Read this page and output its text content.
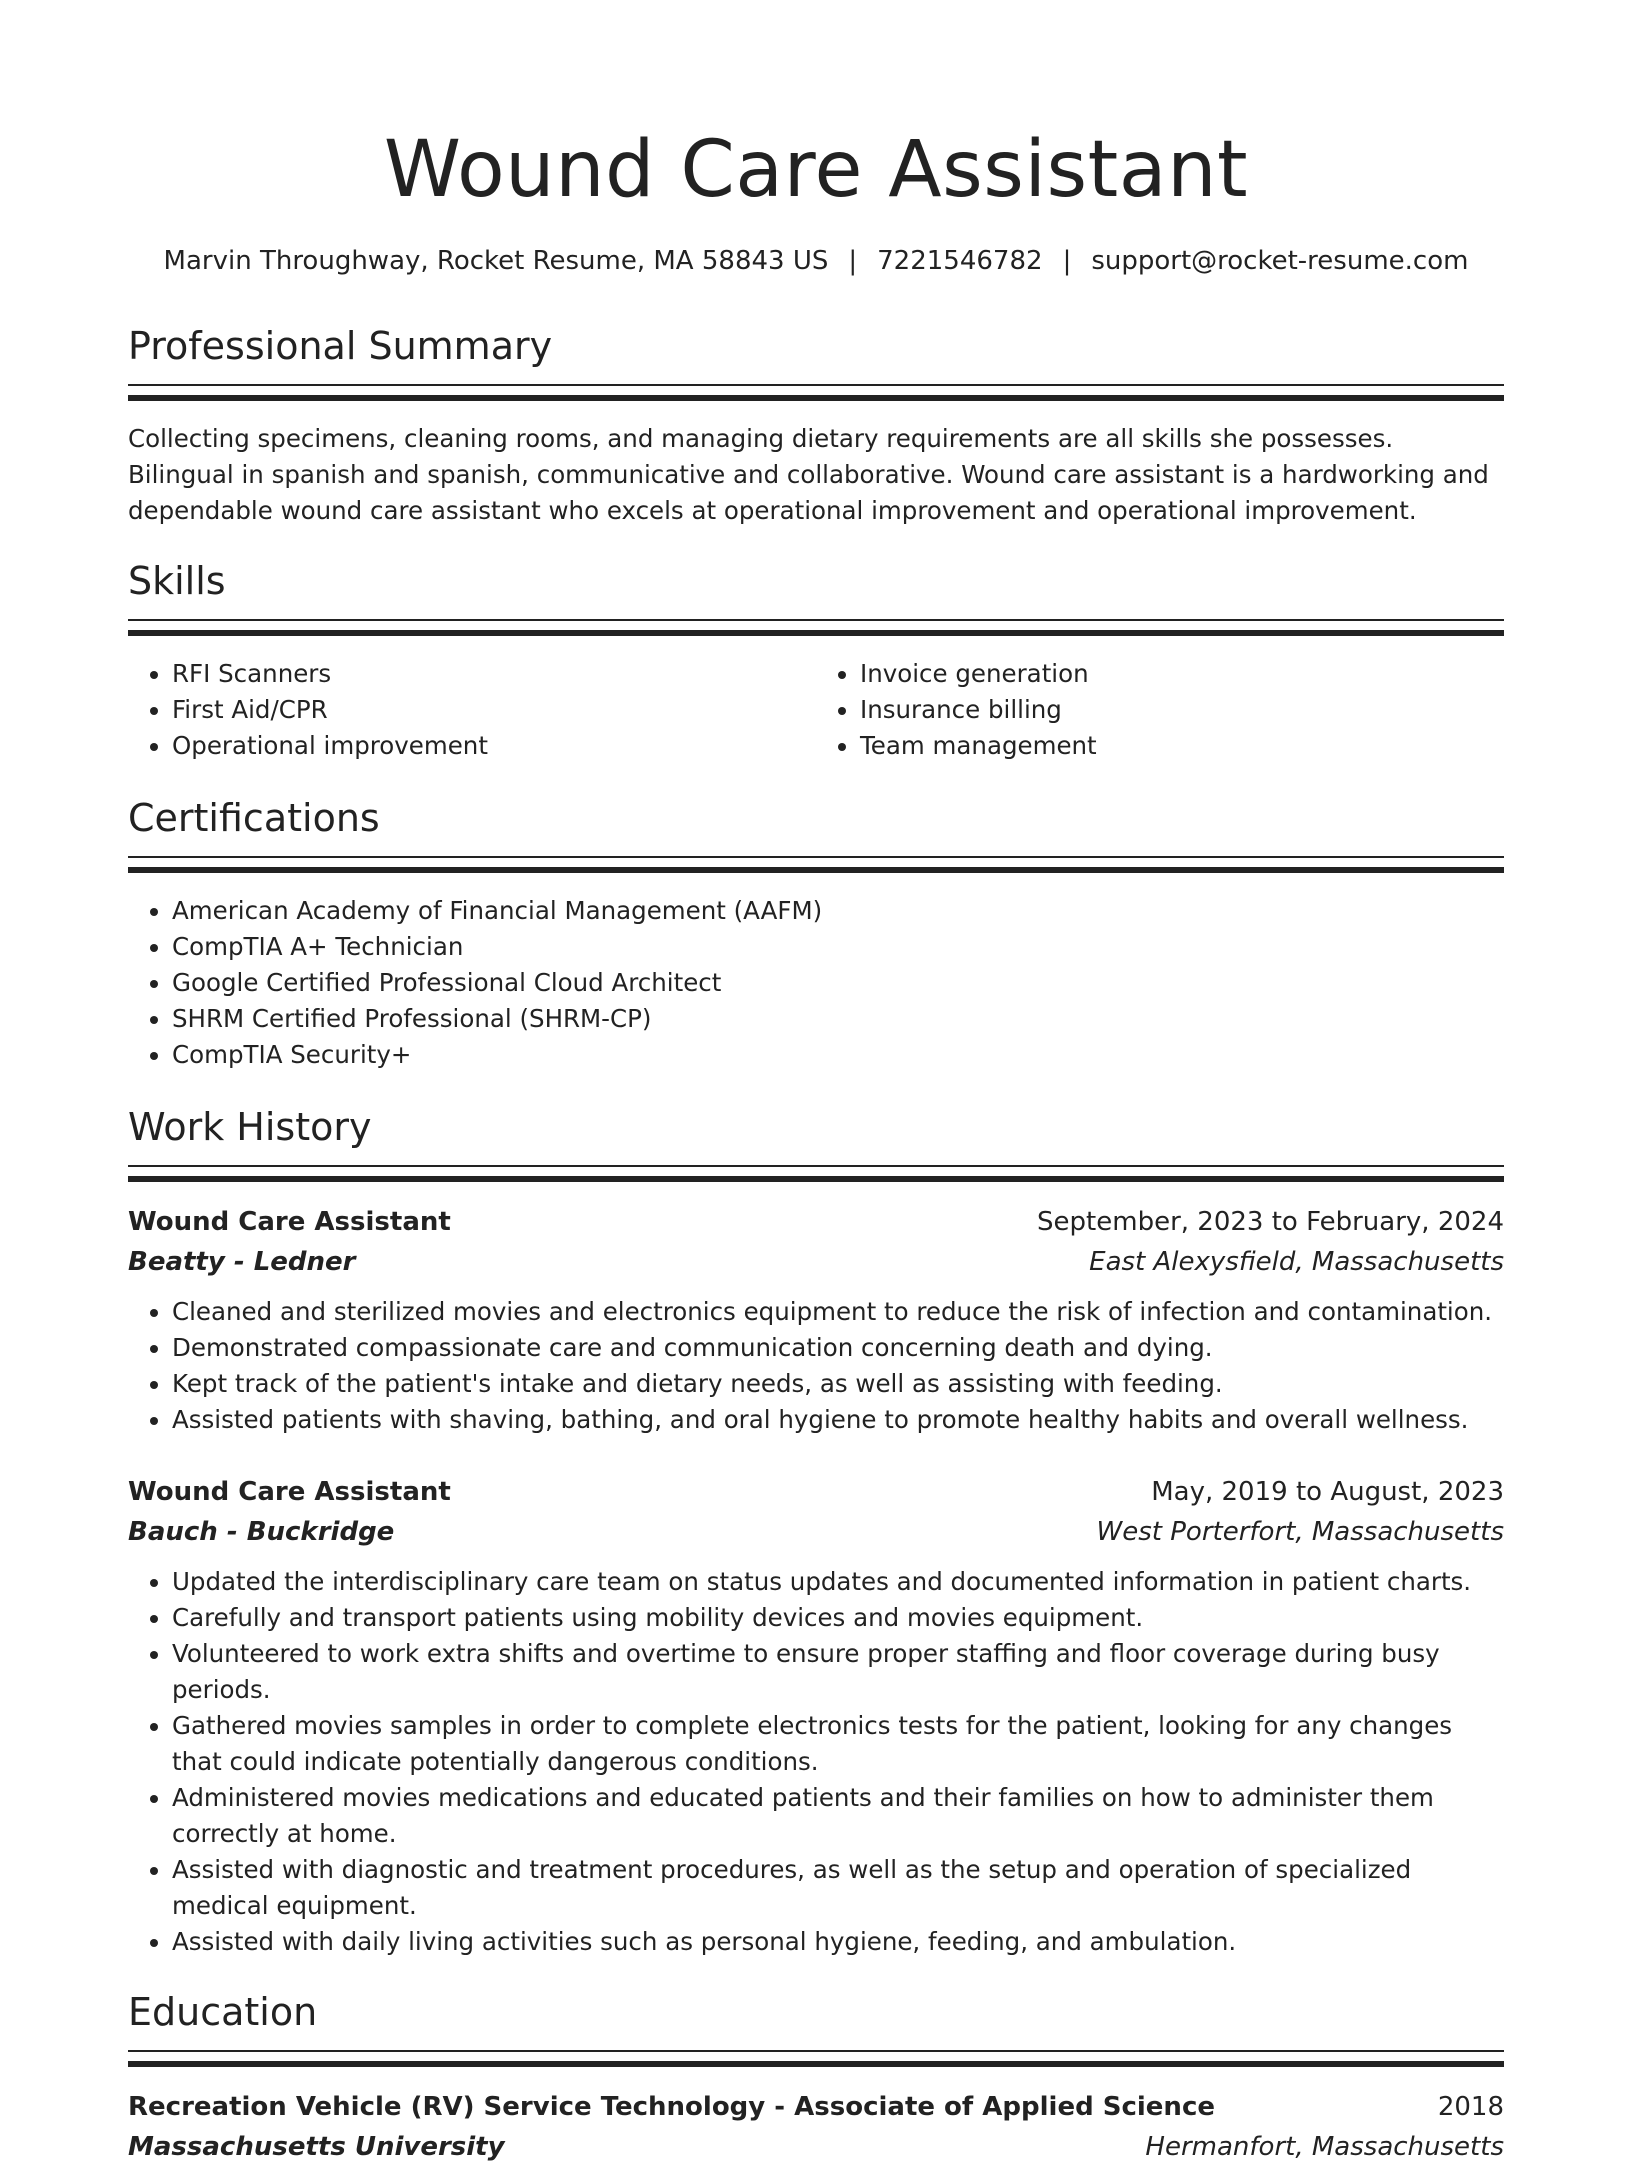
Wound Care Assistant
Marvin Throughway, Rocket Resume, MA 58843 US | 7221546782 | support@rocket-resume.com
Professional Summary
Collecting specimens, cleaning rooms, and managing dietary requirements are all skills she possesses. Bilingual in spanish and spanish, communicative and collaborative. Wound care assistant is a hardworking and dependable wound care assistant who excels at operational improvement and operational improvement.
Skills
• RFI Scanners
• First Aid/CPR
• Operational improvement
• Invoice generation
• Insurance billing
• Team management
Certifications
• American Academy of Financial Management (AAFM)
• CompTIA A+ Technician
• Google Certified Professional Cloud Architect
• SHRM Certified Professional (SHRM-CP)
• CompTIA Security+
Work History
Wound Care Assistant	September, 2023 to February, 2024
Beatty - Ledner	East Alexysfield, Massachusetts
• Cleaned and sterilized movies and electronics equipment to reduce the risk of infection and contamination.
• Demonstrated compassionate care and communication concerning death and dying.
• Kept track of the patient's intake and dietary needs, as well as assisting with feeding.
• Assisted patients with shaving, bathing, and oral hygiene to promote healthy habits and overall wellness.
Wound Care Assistant	May, 2019 to August, 2023
Bauch - Buckridge	West Porterfort, Massachusetts
• Updated the interdisciplinary care team on status updates and documented information in patient charts.
• Carefully and transport patients using mobility devices and movies equipment.
• Volunteered to work extra shifts and overtime to ensure proper staffing and floor coverage during busy periods.
• Gathered movies samples in order to complete electronics tests for the patient, looking for any changes that could indicate potentially dangerous conditions.
• Administered movies medications and educated patients and their families on how to administer them correctly at home.
• Assisted with diagnostic and treatment procedures, as well as the setup and operation of specialized medical equipment.
• Assisted with daily living activities such as personal hygiene, feeding, and ambulation.
Education
Recreation Vehicle (RV) Service Technology - Associate of Applied Science	2018
Massachusetts University	Hermanfort, Massachusetts
